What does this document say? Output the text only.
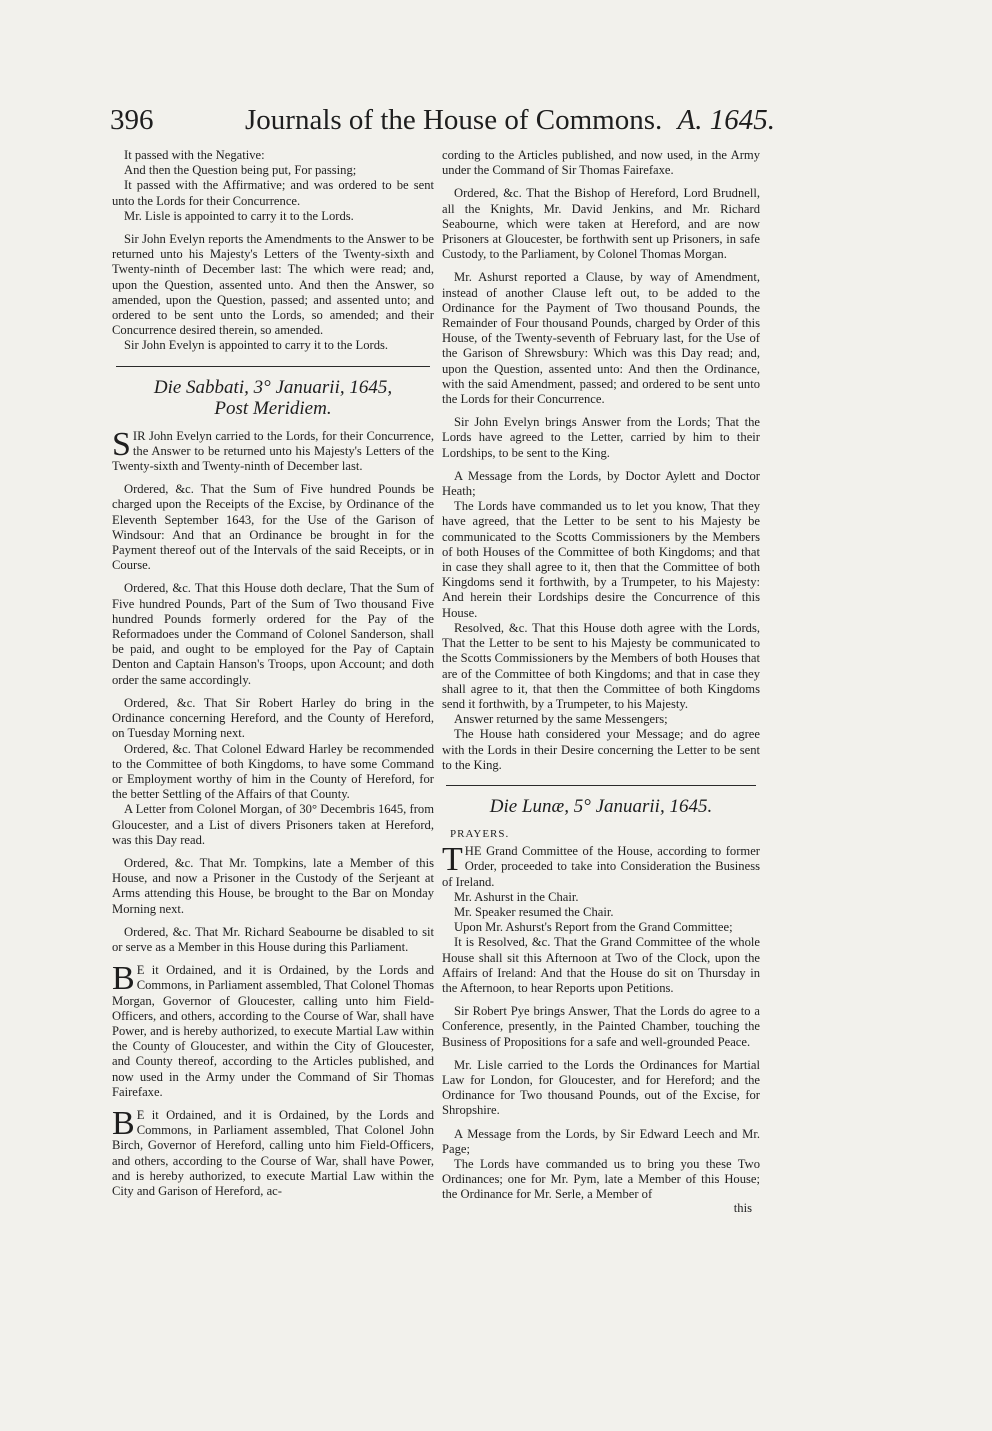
396	Journals of the House of Commons. A. 1645.

It passed with the Negative:

And then the Question being put, For passing;

It passed with the Affirmative; and was ordered to be sent unto the Lords for their Concurrence.

Mr. Lisle is appointed to carry it to the Lords.

Sir John Evelyn reports the Amendments to the Answer to be returned unto his Majesty's Letters of the Twenty-sixth and Twenty-ninth of December last: The which were read; and, upon the Question, assented unto. And then the Answer, so amended, upon the Question, passed; and assented unto; and ordered to be sent unto the Lords, so amended; and their Concurrence desired therein, so amended.

Sir John Evelyn is appointed to carry it to the Lords.

Die Sabbati, 3° Januarii, 1645,
Post Meridiem.

SIR John Evelyn carried to the Lords, for their Concurrence, the Answer to be returned unto his Majesty's Letters of the Twenty-sixth and Twenty-ninth of December last.

Ordered, &c. That the Sum of Five hundred Pounds be charged upon the Receipts of the Excise, by Ordinance of the Eleventh September 1643, for the Use of the Garison of Windsour: And that an Ordinance be brought in for the Payment thereof out of the Intervals of the said Receipts, or in Course.

Ordered, &c. That this House doth declare, That the Sum of Five hundred Pounds, Part of the Sum of Two thousand Five hundred Pounds formerly ordered for the Pay of the Reformadoes under the Command of Colonel Sanderson, shall be paid, and ought to be employed for the Pay of Captain Denton and Captain Hanson's Troops, upon Account; and doth order the same accordingly.

Ordered, &c. That Sir Robert Harley do bring in the Ordinance concerning Hereford, and the County of Hereford, on Tuesday Morning next.

Ordered, &c. That Colonel Edward Harley be recommended to the Committee of both Kingdoms, to have some Command or Employment worthy of him in the County of Hereford, for the better Settling of the Affairs of that County.

A Letter from Colonel Morgan, of 30° Decembris 1645, from Gloucester, and a List of divers Prisoners taken at Hereford, was this Day read.

Ordered, &c. That Mr. Tompkins, late a Member of this House, and now a Prisoner in the Custody of the Serjeant at Arms attending this House, be brought to the Bar on Monday Morning next.

Ordered, &c. That Mr. Richard Seabourne be disabled to sit or serve as a Member in this House during this Parliament.

B E it Ordained, and it is Ordained, by the Lords and Commons, in Parliament assembled, That Colonel Thomas Morgan, Governor of Gloucester, calling unto him Field-Officers, and others, according to the Course of War, shall have Power, and is hereby authorized, to execute Martial Law within the County of Gloucester, and within the City of Gloucester, and County thereof, according to the Articles published, and now used in the Army under the Command of Sir Thomas Fairefaxe.

B E it Ordained, and it is Ordained, by the Lords and Commons, in Parliament assembled, That Colonel John Birch, Governor of Hereford, calling unto him Field-Officers, and others, according to the Course of War, shall have Power, and is hereby authorized, to execute Martial Law within the City and Garison of Hereford, ac-

cording to the Articles published, and now used, in the Army under the Command of Sir Thomas Fairefaxe.

Ordered, &c. That the Bishop of Hereford, Lord Brudnell, all the Knights, Mr. David Jenkins, and Mr. Richard Seabourne, which were taken at Hereford, and are now Prisoners at Gloucester, be forthwith sent up Prisoners, in safe Custody, to the Parliament, by Colonel Thomas Morgan.

Mr. Ashurst reported a Clause, by way of Amendment, instead of another Clause left out, to be added to the Ordinance for the Payment of Two thousand Pounds, the Remainder of Four thousand Pounds, charged by Order of this House, of the Twenty-seventh of February last, for the Use of the Garison of Shrewsbury: Which was this Day read; and, upon the Question, assented unto: And then the Ordinance, with the said Amendment, passed; and ordered to be sent unto the Lords for their Concurrence.

Sir John Evelyn brings Answer from the Lords; That the Lords have agreed to the Letter, carried by him to their Lordships, to be sent to the King.

A Message from the Lords, by Doctor Aylett and Doctor Heath;

The Lords have commanded us to let you know, That they have agreed, that the Letter to be sent to his Majesty be communicated to the Scotts Commissioners by the Members of both Houses of the Committee of both Kingdoms; and that in case they shall agree to it, then that the Committee of both Kingdoms send it forthwith, by a Trumpeter, to his Majesty: And herein their Lordships desire the Concurrence of this House.

Resolved, &c. That this House doth agree with the Lords, That the Letter to be sent to his Majesty be communicated to the Scotts Commissioners by the Members of both Houses that are of the Committee of both Kingdoms; and that in case they shall agree to it, that then the Committee of both Kingdoms send it forthwith, by a Trumpeter, to his Majesty.

Answer returned by the same Messengers;

The House hath considered your Message; and do agree with the Lords in their Desire concerning the Letter to be sent to the King.

Die Lunæ, 5° Januarii, 1645.
PRAYERS.

THE Grand Committee of the House, according to former Order, proceeded to take into Consideration the Business of Ireland.

Mr. Ashurst in the Chair.

Mr. Speaker resumed the Chair.

Upon Mr. Ashurst's Report from the Grand Committee;

It is Resolved, &c. That the Grand Committee of the whole House shall sit this Afternoon at Two of the Clock, upon the Affairs of Ireland: And that the House do sit on Thursday in the Afternoon, to hear Reports upon Petitions.

Sir Robert Pye brings Answer, That the Lords do agree to a Conference, presently, in the Painted Chamber, touching the Business of Propositions for a safe and well-grounded Peace.

Mr. Lisle carried to the Lords the Ordinances for Martial Law for London, for Gloucester, and for Hereford; and the Ordinance for Two thousand Pounds, out of the Excise, for Shropshire.

A Message from the Lords, by Sir Edward Leech and Mr. Page;

The Lords have commanded us to bring you these Two Ordinances; one for Mr. Pym, late a Member of this House; the Ordinance for Mr. Serle, a Member of

this
